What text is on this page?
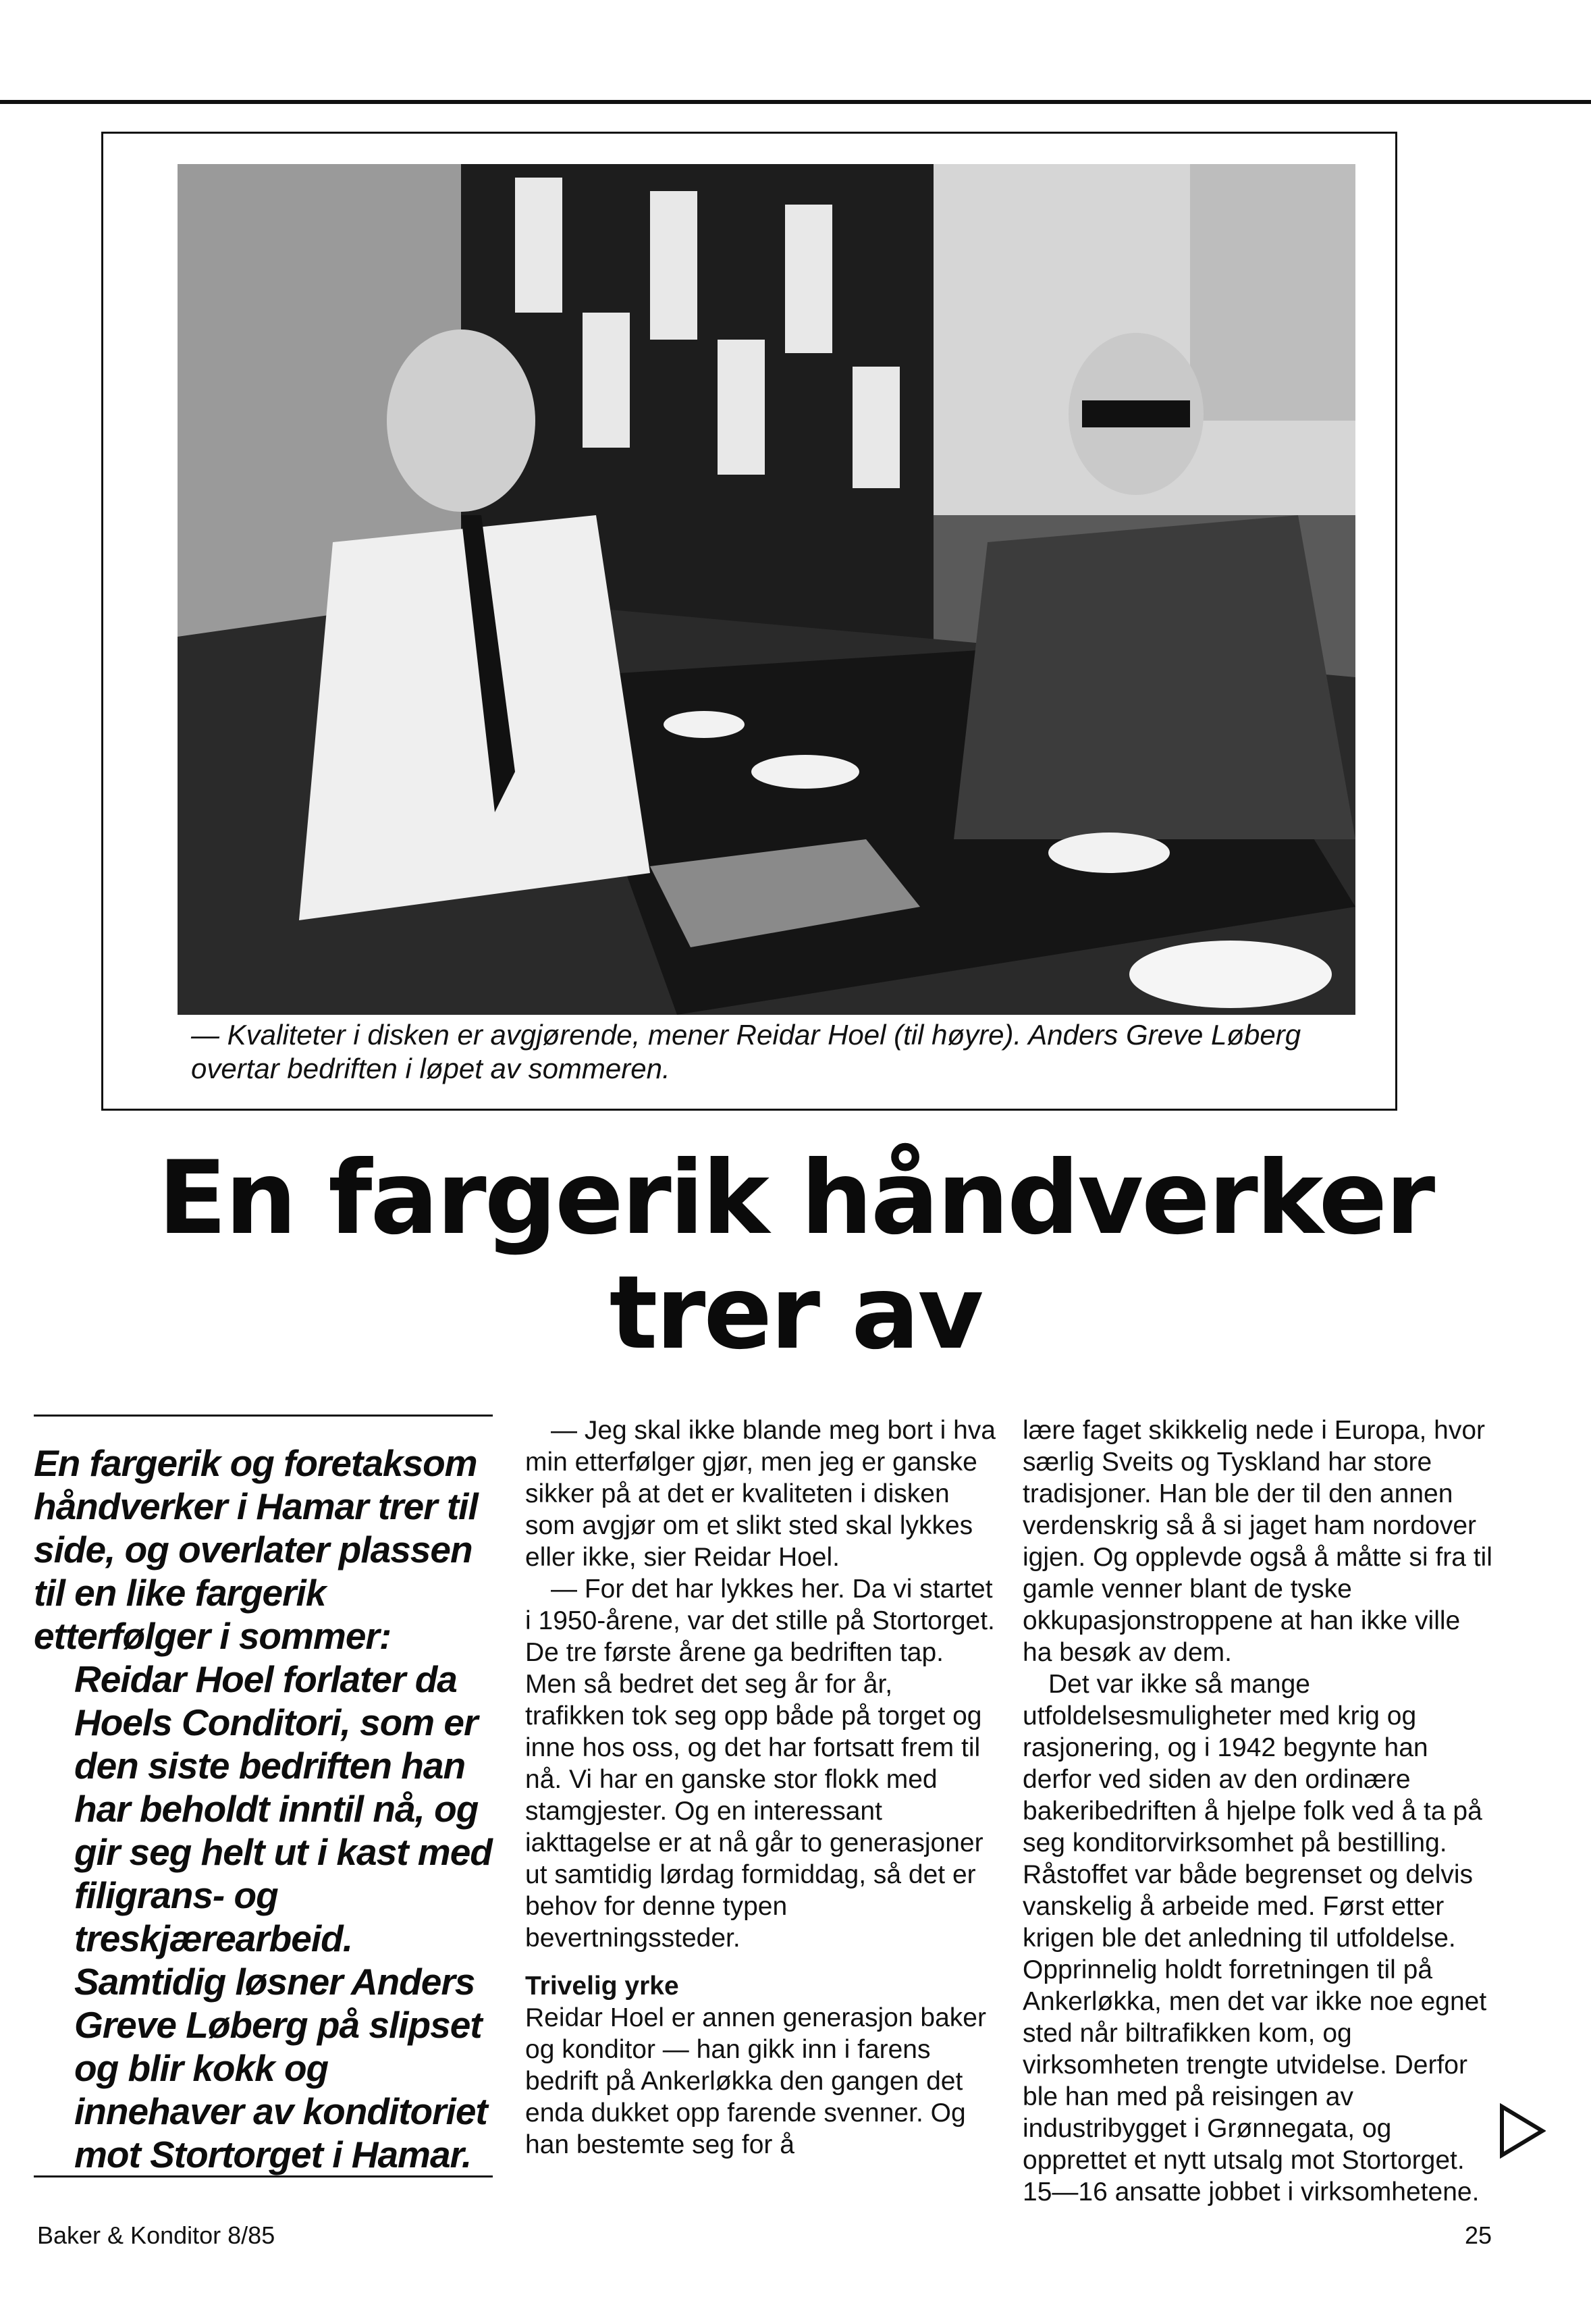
— Kvaliteter i disken er avgjørende, mener Reidar Hoel (til høyre). Anders Greve Løberg overtar bedriften i løpet av sommeren.
En fargerik håndverker
trer av
En fargerik og foretaksom håndverker i Hamar trer til side, og overlater plassen til en like fargerik etterfølger i sommer:
Reidar Hoel forlater da Hoels Conditori, som er den siste bedriften han har beholdt inntil nå, og gir seg helt ut i kast med filigrans- og treskjærearbeid. Samtidig løsner Anders Greve Løberg på slipset og blir kokk og innehaver av konditoriet mot Stortorget i Hamar.

— Jeg skal ikke blande meg bort i hva min etterfølger gjør, men jeg er ganske sikker på at det er kvaliteten i disken som avgjør om et slikt sted skal lykkes eller ikke, sier Reidar Hoel.

— For det har lykkes her. Da vi startet i 1950-årene, var det stille på Stortorget. De tre første årene ga bedriften tap. Men så bedret det seg år for år, trafikken tok seg opp både på torget og inne hos oss, og det har fortsatt frem til nå. Vi har en ganske stor flokk med stamgjester. Og en interessant iakttagelse er at nå går to generasjoner ut samtidig lørdag formiddag, så det er behov for denne typen bevertningssteder.

Trivelig yrke

Reidar Hoel er annen generasjon baker og konditor — han gikk inn i farens bedrift på Ankerløkka den gangen det enda dukket opp farende svenner. Og han bestemte seg for å

lære faget skikkelig nede i Europa, hvor særlig Sveits og Tyskland har store tradisjoner. Han ble der til den annen verdenskrig så å si jaget ham nordover igjen. Og opplevde også å måtte si fra til gamle venner blant de tyske okkupasjonstroppene at han ikke ville ha besøk av dem.

Det var ikke så mange utfoldelsesmuligheter med krig og rasjonering, og i 1942 begynte han derfor ved siden av den ordinære bakeribedriften å hjelpe folk ved å ta på seg konditorvirksomhet på bestilling. Råstoffet var både begrenset og delvis vanskelig å arbeide med. Først etter krigen ble det anledning til utfoldelse. Opprinnelig holdt forretningen til på Ankerløkka, men det var ikke noe egnet sted når biltrafikken kom, og virksomheten trengte utvidelse. Derfor ble han med på reisingen av industribygget i Grønnegata, og opprettet et nytt utsalg mot Stortorget. 15—16 ansatte jobbet i virksomhetene.

Baker & Konditor 8/85	25
